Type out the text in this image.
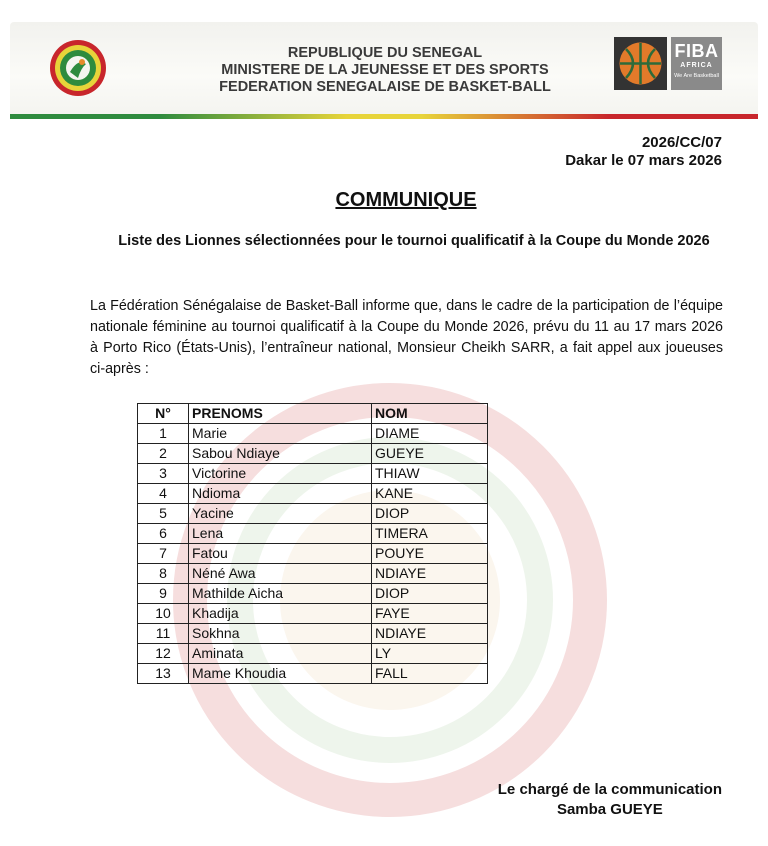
REPUBLIQUE DU SENEGAL
MINISTERE DE LA JEUNESSE ET DES SPORTS
FEDERATION SENEGALAISE DE BASKET-BALL
FIBA
AFRICA
We Are Basketball
2026/CC/07
Dakar le 07 mars 2026
COMMUNIQUE
Liste des Lionnes sélectionnées pour le tournoi qualificatif à la Coupe du Monde 2026
La Fédération Sénégalaise de Basket-Ball informe que, dans le cadre de la participation de l’équipe nationale féminine au tournoi qualificatif à la Coupe du Monde 2026, prévu du 11 au 17 mars 2026 à Porto Rico (États-Unis), l’entraîneur national, Monsieur Cheikh SARR, a fait appel aux joueuses ci-après :
N°	PRENOMS	NOM
1	Marie	DIAME
2	Sabou Ndiaye	GUEYE
3	Victorine	THIAW
4	Ndioma	KANE
5	Yacine	DIOP
6	Lena	TIMERA
7	Fatou	POUYE
8	Néné Awa	NDIAYE
9	Mathilde Aicha	DIOP
10	Khadija	FAYE
11	Sokhna	NDIAYE
12	Aminata	LY
13	Mame Khoudia	FALL
Le chargé de la communication
Samba GUEYE
